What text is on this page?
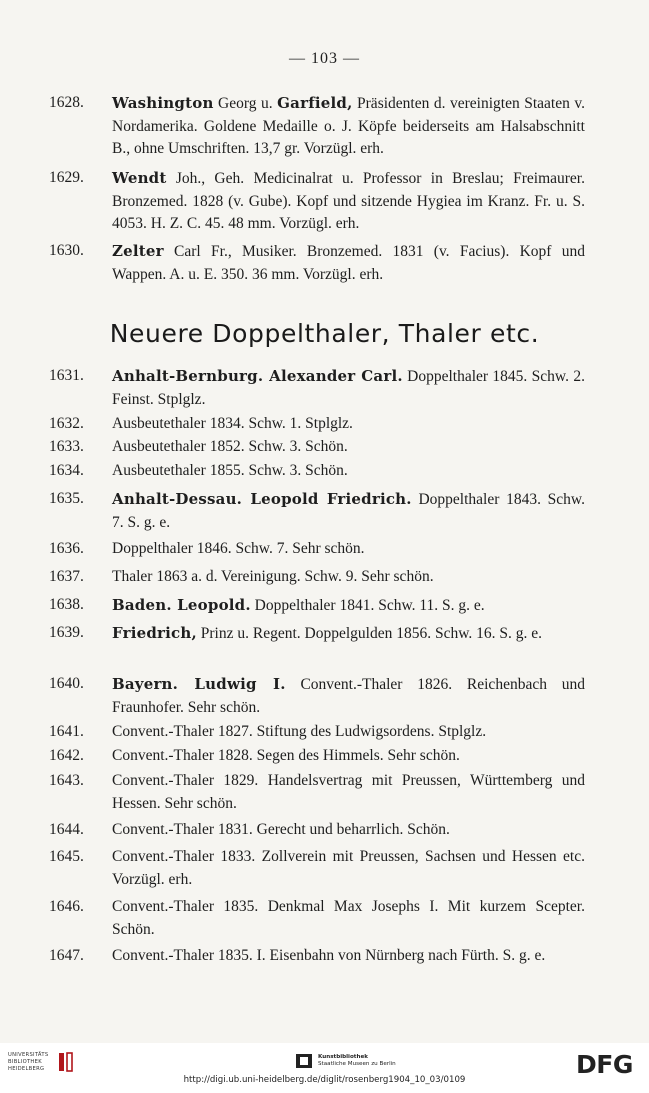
— 103 —
1628.	Washington Georg u. Garfield, Präsidenten d. vereinigten Staaten v. Nordamerika. Goldene Medaille o. J. Köpfe beiderseits am Halsabschnitt B., ohne Umschriften. 13,7 gr. Vorzügl. erh.
1629.	Wendt Joh., Geh. Medicinalrat u. Professor in Breslau; Freimaurer. Bronzemed. 1828 (v. Gube). Kopf und sitzende Hygiea im Kranz. Fr. u. S. 4053. H. Z. C. 45. 48 mm. Vorzügl. erh.
1630.	Zelter Carl Fr., Musiker. Bronzemed. 1831 (v. Facius). Kopf und Wappen. A. u. E. 350. 36 mm. Vorzügl. erh.
Neuere Doppelthaler, Thaler etc.
1631.	Anhalt-Bernburg. Alexander Carl. Doppelthaler 1845. Schw. 2. Feinst. Stplglz.
1632.	Ausbeutethaler 1834. Schw. 1. Stplglz.
1633.	Ausbeutethaler 1852. Schw. 3. Schön.
1634.	Ausbeutethaler 1855. Schw. 3. Schön.
1635.	Anhalt-Dessau. Leopold Friedrich. Doppelthaler 1843. Schw. 7. S. g. e.
1636.	Doppelthaler 1846. Schw. 7. Sehr schön.
1637.	Thaler 1863 a. d. Vereinigung. Schw. 9. Sehr schön.
1638.	Baden. Leopold. Doppelthaler 1841. Schw. 11. S. g. e.
1639.	Friedrich, Prinz u. Regent. Doppelgulden 1856. Schw. 16. S. g. e.
1640.	Bayern. Ludwig I. Convent.-Thaler 1826. Reichenbach und Fraunhofer. Sehr schön.
1641.	Convent.-Thaler 1827. Stiftung des Ludwigsordens. Stplglz.
1642.	Convent.-Thaler 1828. Segen des Himmels. Sehr schön.
1643.	Convent.-Thaler 1829. Handelsvertrag mit Preussen, Württemberg und Hessen. Sehr schön.
1644.	Convent.-Thaler 1831. Gerecht und beharrlich. Schön.
1645.	Convent.-Thaler 1833. Zollverein mit Preussen, Sachsen und Hessen etc. Vorzügl. erh.
1646.	Convent.-Thaler 1835. Denkmal Max Josephs I. Mit kurzem Scepter. Schön.
1647.	Convent.-Thaler 1835. I. Eisenbahn von Nürnberg nach Fürth. S. g. e.
UNIVERSITÄTS
BIBLIOTHEK
HEIDELBERG
Kunstbibliothek
Staatliche Museen zu Berlin	DFG
http://digi.ub.uni-heidelberg.de/diglit/rosenberg1904_10_03/0109
